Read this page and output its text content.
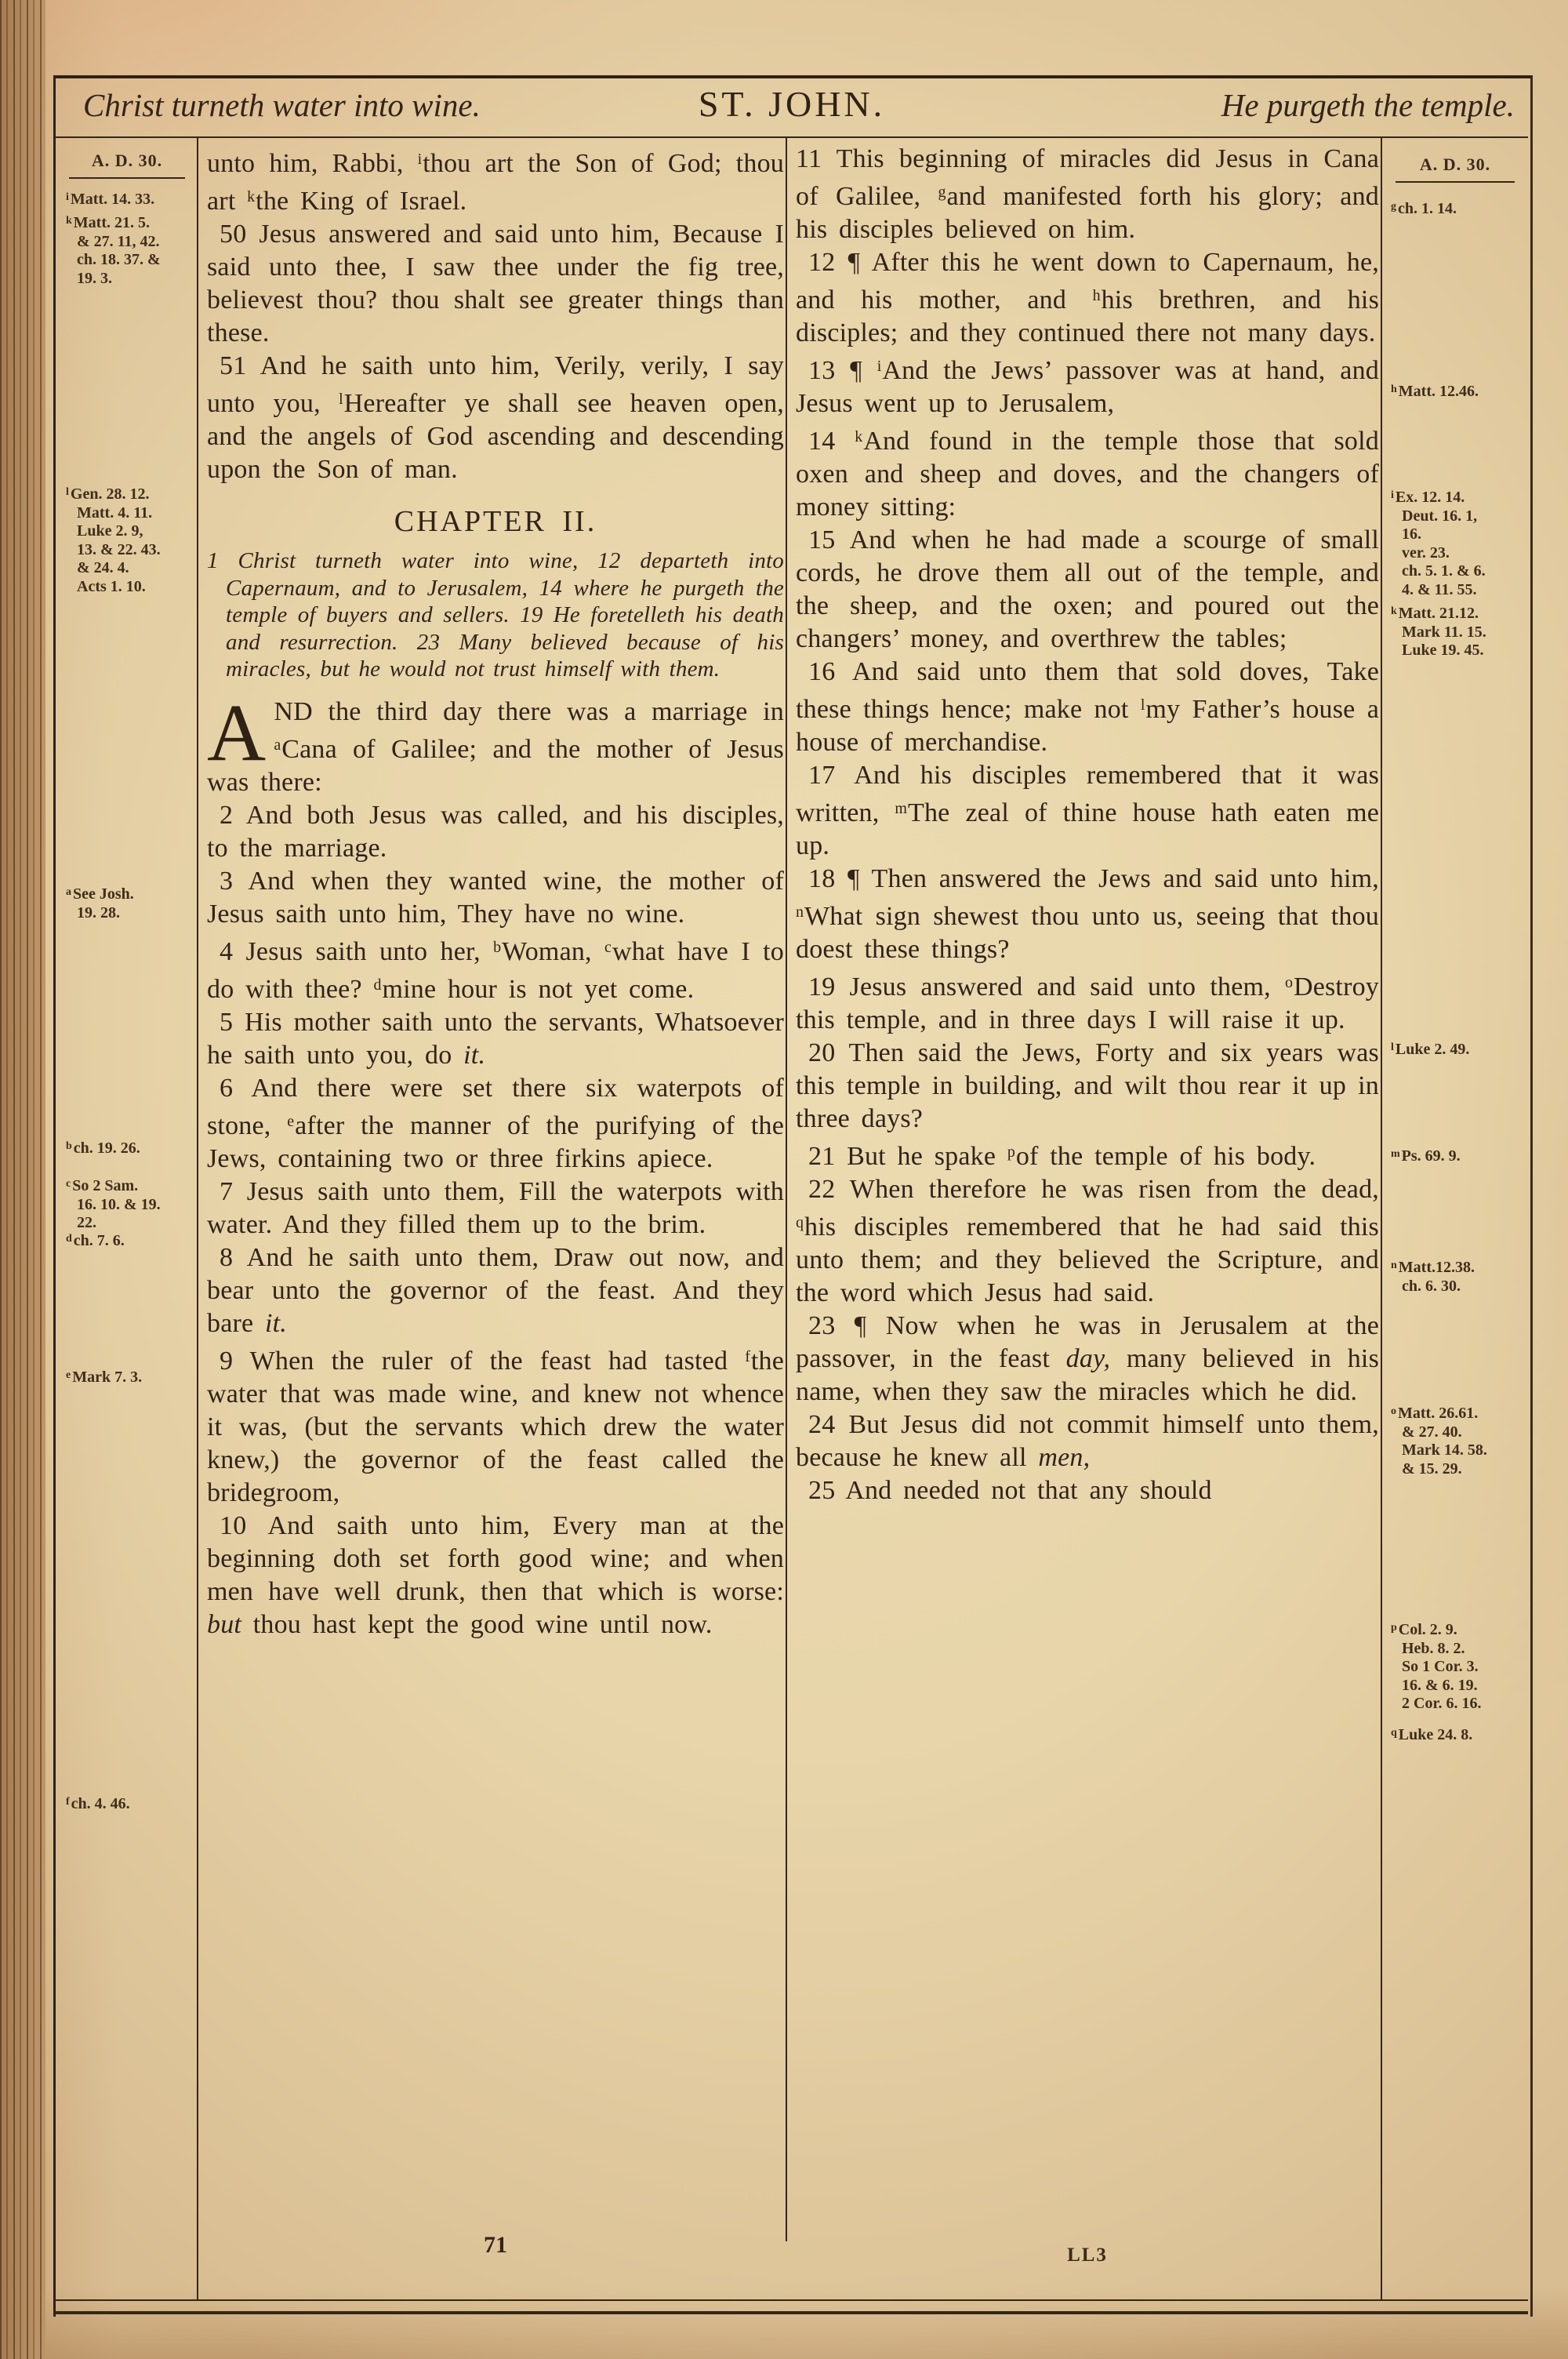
Christ turneth water into wine.	ST. JOHN.	He purgeth the temple.
A. D. 30.
$^i$ Matt. 14. 33.
$^k$ Matt. 21. 5.
& 27. 11, 42.
ch. 18. 37. &
19. 3.
$^l$ Gen. 28. 12.
Matt. 4. 11.
Luke 2. 9,
13. & 22. 43.
& 24. 4.
Acts 1. 10.
$^a$ See Josh.
19. 28.
$^b$ ch. 19. 26.
$^c$ So 2 Sam.
16. 10. & 19.
22.
$^d$ ch. 7. 6.
$^e$ Mark 7. 3.
$^f$ ch. 4. 46.
A. D. 30.
$^g$ ch. 1. 14.
$^h$ Matt. 12.46.
$^i$ Ex. 12. 14.
Deut. 16. 1,
16.
ver. 23.
ch. 5. 1. & 6.
4. & 11. 55.
$^k$ Matt. 21.12.
Mark 11. 15.
Luke 19. 45.
$^l$ Luke 2. 49.
$^m$ Ps. 69. 9.
$^n$ Matt.12.38.
ch. 6. 30.
$^o$ Matt. 26.61.
& 27. 40.
Mark 14. 58.
& 15. 29.
$^p$ Col. 2. 9.
Heb. 8. 2.
So 1 Cor. 3.
16. & 6. 19.
2 Cor. 6. 16.
$^q$ Luke 24. 8.

unto him, Rabbi, $^i$thou art the Son of God; thou art $^k$the King of Israel.

50 Jesus answered and said unto him, Because I said unto thee, I saw thee under the fig tree, believest thou? thou shalt see greater things than these.

51 And he saith unto him, Verily, verily, I say unto you, $^l$Hereafter ye shall see heaven open, and the angels of God ascending and descending upon the Son of man.

CHAPTER II.

1 Christ turneth water into wine, 12 departeth into Capernaum, and to Jerusalem, 14 where he purgeth the temple of buyers and sellers. 19 He foretelleth his death and resurrection. 23 Many believed because of his miracles, but he would not trust himself with them.

AND the third day there was a marriage in $^a$Cana of Galilee; and the mother of Jesus was there:

2 And both Jesus was called, and his disciples, to the marriage.

3 And when they wanted wine, the mother of Jesus saith unto him, They have no wine.

4 Jesus saith unto her, $^b$Woman, $^c$what have I to do with thee? $^d$mine hour is not yet come.

5 His mother saith unto the servants, Whatsoever he saith unto you, do it.

6 And there were set there six waterpots of stone, $^e$after the manner of the purifying of the Jews, containing two or three firkins apiece.

7 Jesus saith unto them, Fill the waterpots with water. And they filled them up to the brim.

8 And he saith unto them, Draw out now, and bear unto the governor of the feast. And they bare it.

9 When the ruler of the feast had tasted $^f$the water that was made wine, and knew not whence it was, (but the servants which drew the water knew,) the governor of the feast called the bridegroom,

10 And saith unto him, Every man at the beginning doth set forth good wine; and when men have well drunk, then that which is worse: but thou hast kept the good wine until now.

11 This beginning of miracles did Jesus in Cana of Galilee, $^g$and manifested forth his glory; and his disciples believed on him.

12 ¶ After this he went down to Capernaum, he, and his mother, and $^h$his brethren, and his disciples; and they continued there not many days.

13 ¶ $^i$And the Jews’ passover was at hand, and Jesus went up to Jerusalem,

14 $^k$And found in the temple those that sold oxen and sheep and doves, and the changers of money sitting:

15 And when he had made a scourge of small cords, he drove them all out of the temple, and the sheep, and the oxen; and poured out the changers’ money, and overthrew the tables;

16 And said unto them that sold doves, Take these things hence; make not $^l$my Father’s house a house of merchandise.

17 And his disciples remembered that it was written, $^m$The zeal of thine house hath eaten me up.

18 ¶ Then answered the Jews and said unto him, $^n$What sign shewest thou unto us, seeing that thou doest these things?

19 Jesus answered and said unto them, $^o$Destroy this temple, and in three days I will raise it up.

20 Then said the Jews, Forty and six years was this temple in building, and wilt thou rear it up in three days?

21 But he spake $^p$of the temple of his body.

22 When therefore he was risen from the dead, $^q$his disciples remembered that he had said this unto them; and they believed the Scripture, and the word which Jesus had said.

23 ¶ Now when he was in Jerusalem at the passover, in the feast day, many believed in his name, when they saw the miracles which he did.

24 But Jesus did not commit himself unto them, because he knew all men,

25 And needed not that any should

71	LL3
